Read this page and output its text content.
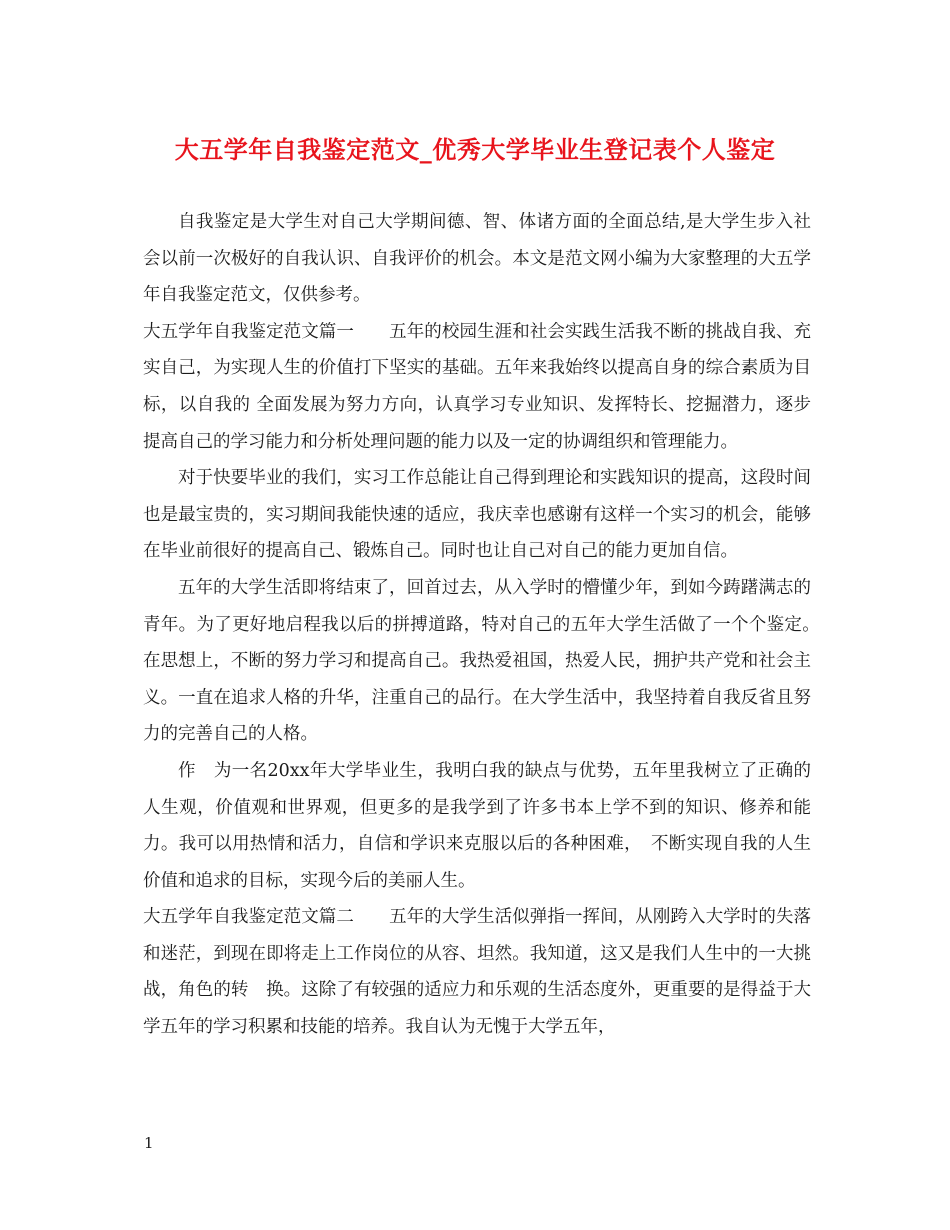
大五学年自我鉴定范文_优秀大学毕业生登记表个人鉴定

自我鉴定是大学生对自己大学期间德、智、体诸方面的全面总结,是大学生步入社会以前一次极好的自我认识、自我评价的机会。本文是范文网小编为大家整理的大五学年自我鉴定范文，仅供参考。

大五学年自我鉴定范文篇一　　五年的校园生涯和社会实践生活我不断的挑战自我、充实自己，为实现人生的价值打下坚实的基础。五年来我始终以提高自身的综合素质为目标，以自我的 全面发展为努力方向，认真学习专业知识、发挥特长、挖掘潜力，逐步提高自己的学习能力和分析处理问题的能力以及一定的协调组织和管理能力。

对于快要毕业的我们，实习工作总能让自己得到理论和实践知识的提高，这段时间也是最宝贵的，实习期间我能快速的适应，我庆幸也感谢有这样一个实习的机会，能够在毕业前很好的提高自己、锻炼自己。同时也让自己对自己的能力更加自信。

五年的大学生活即将结束了，回首过去，从入学时的懵懂少年，到如今踌躇满志的青年。为了更好地启程我以后的拼搏道路，特对自己的五年大学生活做了一个个鉴定。　在思想上，不断的努力学习和提高自己。我热爱祖国，热爱人民，拥护共产党和社会主义。一直在追求人格的升华，注重自己的品行。在大学生活中，我坚持着自我反省且努力的完善自己的人格。

作　为一名20xx年大学毕业生，我明白我的缺点与优势，五年里我树立了正确的人生观，价值观和世界观，但更多的是我学到了许多书本上学不到的知识、修养和能　力。我可以用热情和活力，自信和学识来克服以后的各种困难，　不断实现自我的人生价值和追求的目标，实现今后的美丽人生。

大五学年自我鉴定范文篇二　　五年的大学生活似弹指一挥间，从刚跨入大学时的失落和迷茫，到现在即将走上工作岗位的从容、坦然。我知道，这又是我们人生中的一大挑战，角色的转　换。这除了有较强的适应力和乐观的生活态度外，更重要的是得益于大学五年的学习积累和技能的培养。我自认为无愧于大学五年，

1
